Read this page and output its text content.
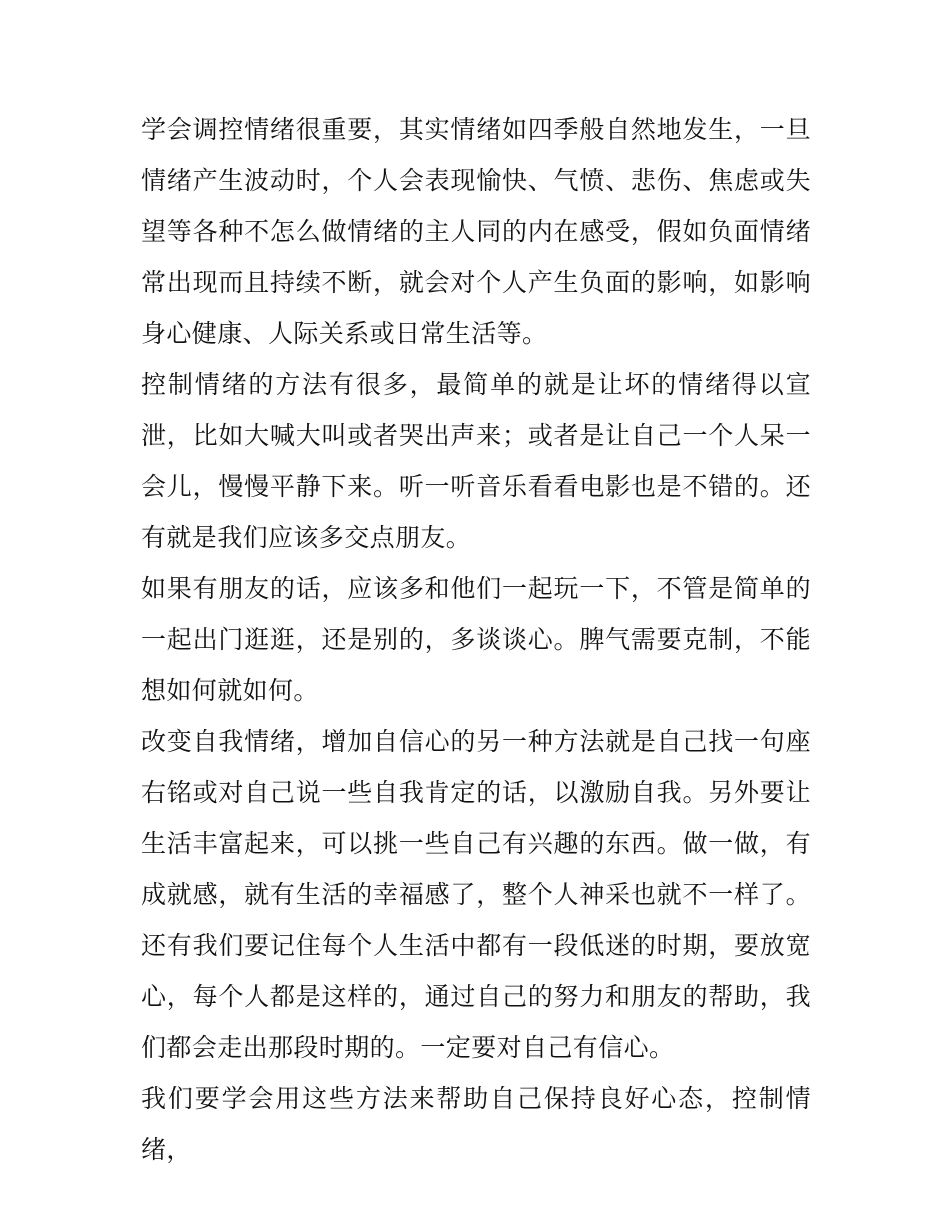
学会调控情绪很重要，其实情绪如四季般自然地发生，一旦情绪产生波动时，个人会表现愉快、气愤、悲伤、焦虑或失望等各种不怎么做情绪的主人同的内在感受，假如负面情绪常出现而且持续不断，就会对个人产生负面的影响，如影响身心健康、人际关系或日常生活等。

控制情绪的方法有很多，最简单的就是让坏的情绪得以宣泄，比如大喊大叫或者哭出声来；或者是让自己一个人呆一会儿，慢慢平静下来。听一听音乐看看电影也是不错的。还有就是我们应该多交点朋友。

如果有朋友的话，应该多和他们一起玩一下，不管是简单的一起出门逛逛，还是别的，多谈谈心。脾气需要克制，不能想如何就如何。

改变自我情绪，增加自信心的另一种方法就是自己找一句座右铭或对自己说一些自我肯定的话，以激励自我。另外要让生活丰富起来，可以挑一些自己有兴趣的东西。做一做，有成就感，就有生活的幸福感了，整个人神采也就不一样了。还有我们要记住每个人生活中都有一段低迷的时期，要放宽心，每个人都是这样的，通过自己的努力和朋友的帮助，我们都会走出那段时期的。一定要对自己有信心。

我们要学会用这些方法来帮助自己保持良好心态，控制情绪，
